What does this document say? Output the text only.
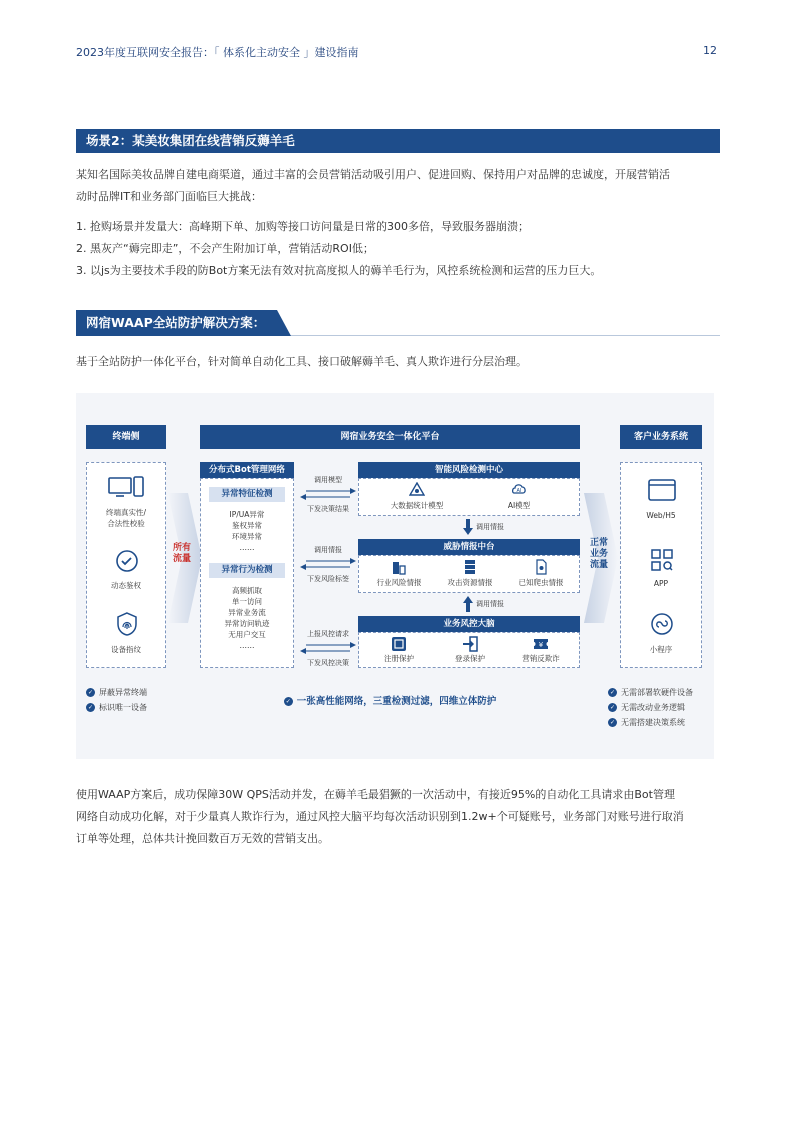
2023年度互联网安全报告：「 体系化主动安全 」建设指南	12
场景2：某美妆集团在线营销反薅羊毛
某知名国际美妆品牌自建电商渠道，通过丰富的会员营销活动吸引用户、促进回购、保持用户对品牌的忠诚度，开展营销活
动时品牌IT和业务部门面临巨大挑战：
1. 抢购场景并发量大：高峰期下单、加购等接口访问量是日常的300多倍，导致服务器崩溃；
2. 黑灰产“薅完即走”，不会产生附加订单，营销活动ROI低；
3. 以js为主要技术手段的防Bot方案无法有效对抗高度拟人的薅羊毛行为，风控系统检测和运营的压力巨大。
网宿WAAP全站防护解决方案：
基于全站防护一体化平台，针对简单自动化工具、接口破解薅羊毛、真人欺诈进行分层治理。
终端侧
终端真实性/
合法性校验
动态鉴权
设备指纹
✓ 屏蔽异常终端
✓ 标识唯一设备
所有
流量
网宿业务安全一体化平台
分布式Bot管理网络
异常特征检测
IP/UA异常
鉴权异常
环境异常
……
异常行为检测
高频抓取
单一访问
异常业务流
异常访问轨迹
无用户交互
……
调用模型
下发决策结果
调用情报
下发风险标签
上报风控请求
下发风控决策
智能风险检测中心
大数据统计模型
AI
AI模型
调用情报
威胁情报中台
行业风险情报	攻击资源情报	已知爬虫情报
调用情报
业务风控大脑
注册保护	登录保护
¥
营销反欺诈
✓ 一张高性能网络，三重检测过滤，四维立体防护
正常
业务
流量
客户业务系统
Web/H5
APP
小程序
✓ 无需部署软硬件设备
✓ 无需改动业务逻辑
✓ 无需搭建决策系统
使用WAAP方案后，成功保障30W QPS活动并发，在薅羊毛最猖獗的一次活动中，有接近95%的自动化工具请求由Bot管理
网络自动成功化解，对于少量真人欺诈行为，通过风控大脑平均每次活动识别到1.2w+个可疑账号，业务部门对账号进行取消
订单等处理，总体共计挽回数百万无效的营销支出。
